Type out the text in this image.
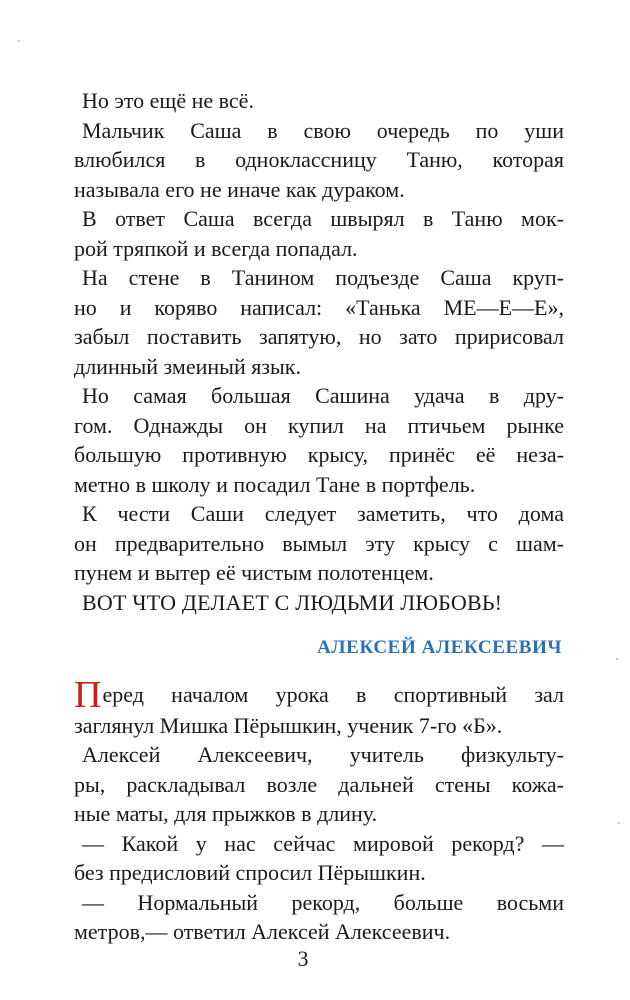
Но это ещё не всё.

Мальчик Саша в свою очередь по уши
влюбился в одноклассницу Таню, которая
называла его не иначе как дураком.

В ответ Саша всегда швырял в Таню мок-
рой тряпкой и всегда попадал.

На стене в Танином подъезде Саша круп-
но и коряво написал: «Танька МЕ—Е—Е»,
забыл поставить запятую, но зато пририсовал
длинный змеиный язык.

Но самая большая Сашина удача в дру-
гом. Однажды он купил на птичьем рынке
большую противную крысу, принёс её неза-
метно в школу и посадил Тане в портфель.

К чести Саши следует заметить, что дома
он предварительно вымыл эту крысу с шам-
пунем и вытер её чистым полотенцем.

ВОТ ЧТО ДЕЛАЕТ С ЛЮДЬМИ ЛЮБОВЬ!

АЛЕКСЕЙ АЛЕКСЕЕВИЧ

Перед началом урока в спортивный зал
заглянул Мишка Пёрышкин, ученик 7-го «Б».

Алексей Алексеевич, учитель физкульту-
ры, раскладывал возле дальней стены кожа-
ные маты, для прыжков в длину.

— Какой у нас сейчас мировой рекорд? —
без предисловий спросил Пёрышкин.

— Нормальный рекорд, больше восьми
метров,— ответил Алексей Алексеевич.

3
